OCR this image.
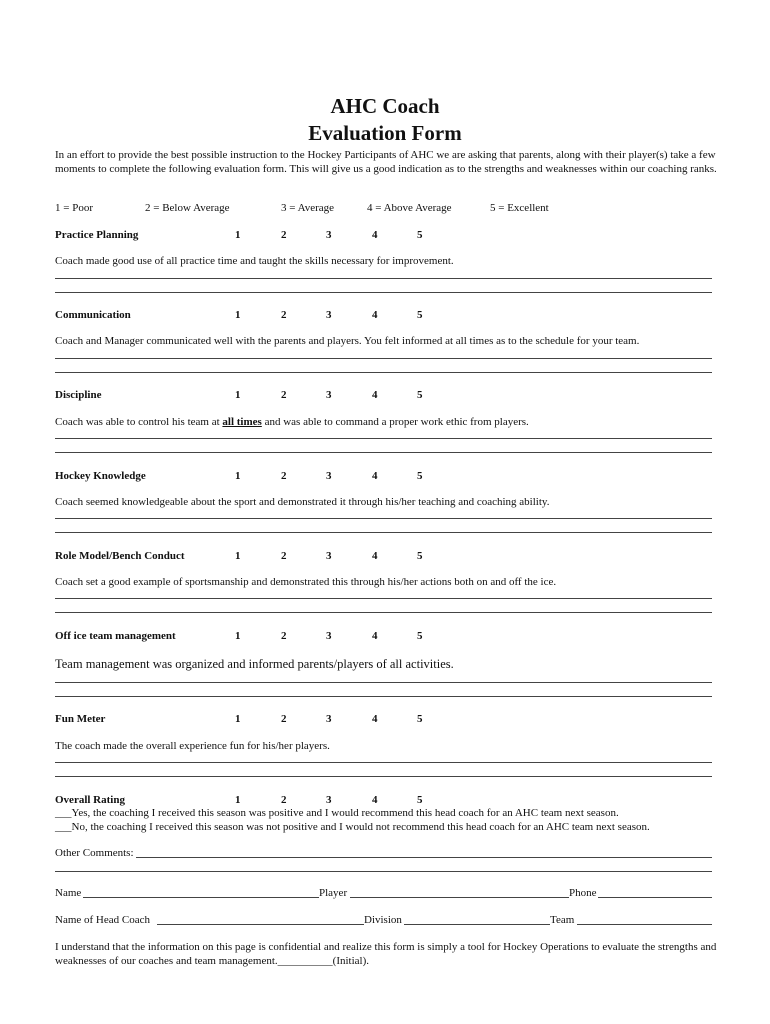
AHC Coach
Evaluation Form
In an effort to provide the best possible instruction to the Hockey Participants of AHC we are asking that parents, along with their player(s) take a few moments to complete the following evaluation form. This will give us a good indication as to the strengths and weaknesses within our coaching ranks.
1 = Poor	2 = Below Average	3 = Average	4 = Above Average	5 = Excellent
Practice Planning	1	2	3	4	5
Coach made good use of all practice time and taught the skills necessary for improvement.
Communication	1	2	3	4	5
Coach and Manager communicated well with the parents and players. You felt informed at all times as to the schedule for your team.
Discipline	1	2	3	4	5
Coach was able to control his team at all times and was able to command a proper work ethic from players.
Hockey Knowledge	1	2	3	4	5
Coach seemed knowledgeable about the sport and demonstrated it through his/her teaching and coaching ability.
Role Model/Bench Conduct	1	2	3	4	5
Coach set a good example of sportsmanship and demonstrated this through his/her actions both on and off the ice.
Off ice team management	1	2	3	4	5
Team management was organized and informed parents/players of all activities.
Fun Meter	1	2	3	4	5
The coach made the overall experience fun for his/her players.
Overall Rating	1	2	3	4	5
___Yes, the coaching I received this season was positive and I would recommend this head coach for an AHC team next season.
___No, the coaching I received this season was not positive and I would not recommend this head coach for an AHC team next season.
Other Comments:
Name	Player	Phone
Name of Head Coach	Division	Team
I understand that the information on this page is confidential and realize this form is simply a tool for Hockey Operations to evaluate the strengths and weaknesses of our coaches and team management.__________(Initial).
